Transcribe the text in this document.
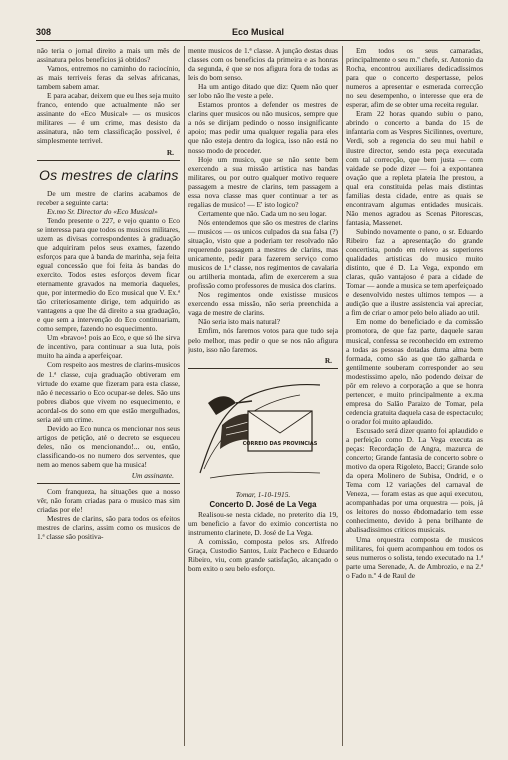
308	Eco Musical

não teria o jornal direito a mais um mês de assinatura pelos benefícios já obtidos?

Vamos, entremos no caminho do raciocínio, as mais terriveis feras da selvas africanas, tambem sabem amar.

E para acabar, deixem que eu lhes seja muito franco, entendo que actualmente não ser assinante do «Eco Musical» — os musicos militares — é um crime, mas desisto da assinatura, não tem classificação possível, é simplesmente terrivel.

R.

Os mestres de clarins

De um mestre de clarins acabamos de receber a seguinte carta:

Ex.mo Sr. Director do «Eco Musical»

Tendo presente o 227, e vejo quanto o Eco se interessa para que todos os musicos militares, uzem as divisas correspondentes à graduação que adquiriram pelos seus exames, fazendo esforços para que à banda de marinha, seja feita egual concessão que foi feita às bandas do exercito. Todos estes esforços devem ficar eternamente gravados na memoria daqueles, que, por intermedio do Eco musical que V. Ex.ª tão criteriosamente dirige, tem adquirido as vantagens a que lhe dá direito a sua graduação, e que sem a intervenção do Eco continuariam, como sempre, fazendo no esquecimento.

Um «bravo»! pois ao Eco, e que só lhe sirva de incentivo, para continuar a sua luta, pois muito ha ainda a aperfeiçoar.

Com respeito aos mestres de clarins-musicos de 1.ª classe, cuja graduação obtiveram em virtude do exame que fizeram para esta classe, não é necessario o Eco ocupar-se deles. São uns pobres diabos que vivem no esquecimento, e acordal-os do sono em que estão mergulhados, seria até um crime.

Devido ao Eco nunca os mencionar nos seus artigos de petição, até o decreto se esqueceu deles, não os mencionando!... ou, então, classificando-os no numero dos serventes, que nem ao menos sabem que ha musica!

Um assinante.

Com franqueza, ha situações que a nosso vêr, não foram criadas para o musico mas sim criadas por ele!

Mestres de clarins, são para todos os efeitos mestres de clarins, assim como os musicos de 1.ª classe são positiva-

mente musicos de 1.ª classe. A junção destas duas classes com os beneficios da primeira e as honras da segunda, é que se nos afigura fora de todas as leis do bom senso.

Ha um antigo ditado que diz: Quem não quer ser lobo não lhe veste a pele.

Estamos prontos a defender os mestres de clarins quer musicos ou não musicos, sempre que a nós se dirijam pedindo o nosso insignificante apoio; mas pedir uma qualquer regalia para eles que não esteja dentro da logica, isso não está no nosso modo de proceder.

Hoje um musico, que se não sente bem exercendo a sua missão artística nas bandas militares, ou por outro qualquer motivo requere passagem a mestre de clarins, tem passagem a essa nova classe mas quer continuar a ter as regalias de musico! — E' isto logico?

Certamente que não. Cada um no seu logar.

Nós entendemos que são os mestres de clarins — musicos — os unicos culpados da sua falsa (?) situação, visto que a poderiam ter resolvado não requerendo passagem a mestres de clarins, mas unicamente, pedir para fazerem serviço como musicos de 1.ª classe, nos regimentos de cavalaria ou artilheria montada, afim de exercerem a sua profissão como professores de musica dos clarins.

Nos regimentos onde existisse musicos exercendo essa missão, não seria preenchida a vaga de mestre de clarins.

Não seria isto mais natural?

Emfim, nós faremos votos para que tudo seja pelo melhor, mas pedir o que se nos não afigura justo, isso não faremos.

R.

CORREIO DAS PROVINCIAS

Tomar, 1-10-1915.

Concerto D. José de La Vega

Realisou-se nesta cidade, no preterito dia 19, um beneficio a favor do eximio concertista no instrumento clarinete, D. José de La Vega.

A comissão, composta pelos srs. Alfredo Graça, Custodio Santos, Luiz Pacheco e Eduardo Ribeiro, viu, com grande satisfação, alcançado o bom exito o seu belo esforço.

Em todos os seus camaradas, principalmente o seu m.º chefe, sr. Antonio da Rocha, encontrou auxiliares dedicadissimos para que o concerto despertasse, pelos numeros a apresentar e esmerada correcção no seu desempenho, o interesse que era de esperar, afim de se obter uma receita regular.

Eram 22 horas quando subiu o pano, abrindo o concerto a banda do 15 de infantaria com as Vespres Sicilinnes, overture, Verdi, sob a regencia do seu mui habil e ilustre director, sendo esta peça executada com tal correcção, que bem justa — com vaidade se pode dizer — foi a expontanea ovação que a repleta plateia lhe prestou, a qual era constituida pelas mais distintas familias desta cidade, entre as quais se encontravam algumas entidades musicais. Não menos agradou as Scenas Pitorescas, fantasia, Massenet.

Subindo novamente o pano, o sr. Eduardo Ribeiro faz a apresentação do grande concertista, pondo em relevo as superiores qualidades artisticas do musico muito distinto, que é D. La Vega, expondo em claras, quão vantajoso é para a cidade de Tomar — aonde a musica se tem aperfeiçoado e desenvolvido nestes ultimos tempos — a audição que a ilustre assistencia vai apreciar, a fim de criar o amor pelo belo aliado ao util.

Em nome do beneficiado e da comissão promotora, de que faz parte, daquele sarau musical, confessa se reconhecido em extremo a todas as pessoas dotadas duma alma bem formada, como são as que tão galharda e gentilmente souberam corresponder ao seu modestissimo apelo, não podendo deixar de pôr em relevo a corporação a que se honra pertencer, e muito principalmente a ex.ma empresa do Salão Paraizo de Tomar, pela cedencia gratuita daquela casa de espectaculo; o orador foi muito aplaudido.

Escusado será dizer quanto foi aplaudido e a perfeição como D. La Vega executa as peças: Recordação de Angra, mazurca de concerto; Grande fantasia de concerto sobre o motivo da opera Rigoleto, Bacci; Grande solo da opera Molinero de Subisa, Ondrid, e o Tema com 12 variações del carnaval de Veneza, — foram estas as que aqui executou, acompanhadas por uma orquestra — pois, já os leitores do nosso ébdomadario tem esse conhecimento, devido à pena brilhante de abalisadissimos criticos musicais.

Uma orquestra composta de musicos militares, foi quem acompanhou em todos os seus numeros o solista, tendo executado na 1.ª parte uma Serenade, A. de Ambrozio, e na 2.ª o Fado n.º 4 de Raul de
